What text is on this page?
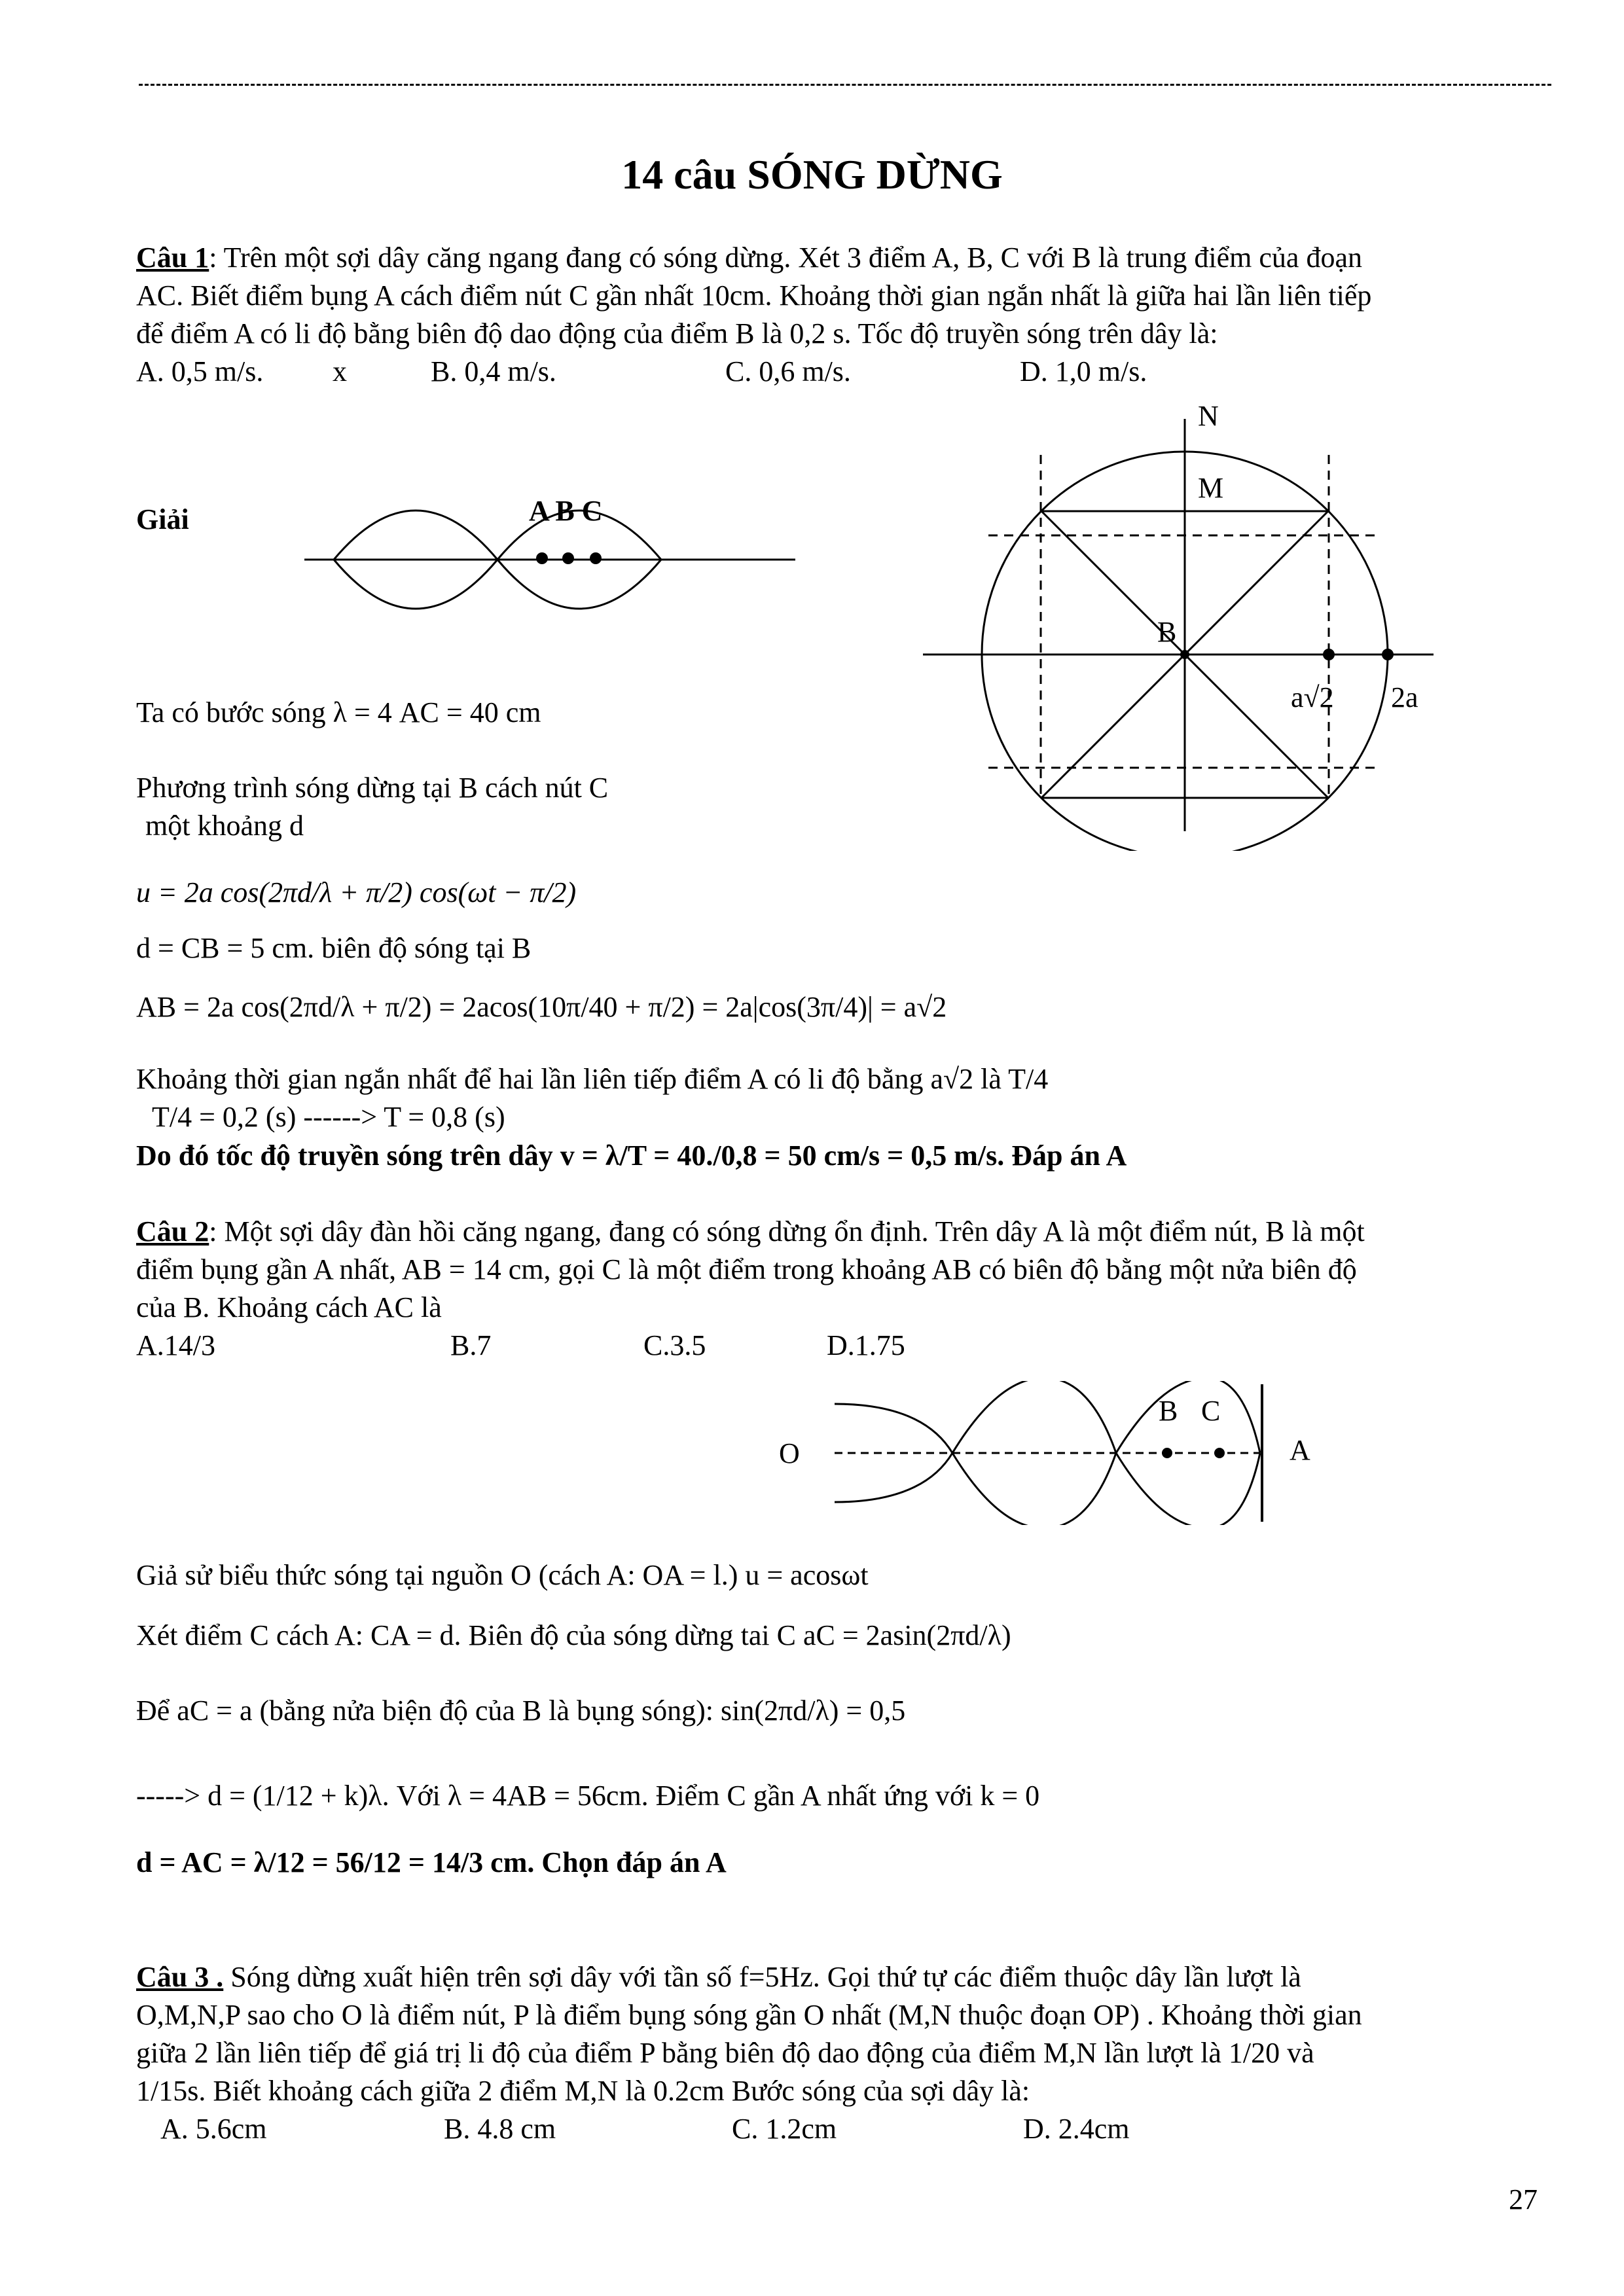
14 câu SÓNG DỪNG
Câu 1: Trên một sợi dây căng ngang đang có sóng dừng. Xét 3 điểm A, B, C với B là trung điểm của đoạn
AC. Biết điểm bụng A cách điểm nút C gần nhất 10cm. Khoảng thời gian ngắn nhất là giữa hai lần liên tiếp
để điểm A có li độ bằng biên độ dao động của điểm B là 0,2 s. Tốc độ truyền sóng trên dây là:
A. 0,5 m/s. x	B. 0,4 m/s.	C. 0,6 m/s.	D. 1,0 m/s.
Giải	A B C
N
M
B
a√2 2a
Ta có bước sóng λ = 4 AC = 40 cm
Phương trình sóng dừng tại B cách nút C
một khoảng d
u = 2a cos(2πd/λ + π/2) cos(ωt − π/2)
d = CB = 5 cm. biên độ sóng tại B
AB = 2a cos(2πd/λ + π/2) = 2acos(10π/40 + π/2) = 2a|cos(3π/4)| = a√2
Khoảng thời gian ngắn nhất để hai lần liên tiếp điểm A có li độ bằng a√2 là T/4
T/4 = 0,2 (s) ------> T = 0,8 (s)
Do đó tốc độ truyền sóng trên dây v = λ/T = 40./0,8 = 50 cm/s = 0,5 m/s. Đáp án A
Câu 2: Một sợi dây đàn hồi căng ngang, đang có sóng dừng ổn định. Trên dây A là một điểm nút, B là một
điểm bụng gần A nhất, AB = 14 cm, gọi C là một điểm trong khoảng AB có biên độ bằng một nửa biên độ
của B. Khoảng cách AC là
A.14/3	B.7	C.3.5	D.1.75
O
B C
A
Giả sử biểu thức sóng tại nguồn O (cách A: OA = l.) u = acosωt
Xét điểm C cách A: CA = d. Biên độ của sóng dừng tai C aC = 2asin(2πd/λ)
Để aC = a (bằng nửa biện độ của B là bụng sóng): sin(2πd/λ) = 0,5
-----> d = (1/12 + k)λ. Với λ = 4AB = 56cm. Điểm C gần A nhất ứng với k = 0
d = AC = λ/12 = 56/12 = 14/3 cm. Chọn đáp án A
Câu 3 . Sóng dừng xuất hiện trên sợi dây với tần số f=5Hz. Gọi thứ tự các điểm thuộc dây lần lượt là
O,M,N,P sao cho O là điểm nút, P là điểm bụng sóng gần O nhất (M,N thuộc đoạn OP) . Khoảng thời gian
giữa 2 lần liên tiếp để giá trị li độ của điểm P bằng biên độ dao động của điểm M,N lần lượt là 1/20 và
1/15s. Biết khoảng cách giữa 2 điểm M,N là 0.2cm Bước sóng của sợi dây là:
A. 5.6cm	B. 4.8 cm	C. 1.2cm	D. 2.4cm
27
